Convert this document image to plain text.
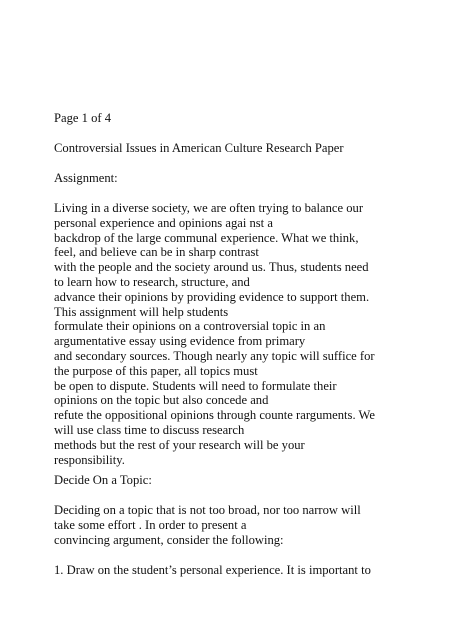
Page 1 of 4

Controversial Issues in American Culture Research Paper

Assignment:

Living in a diverse society, we are often trying to balance our
personal experience and opinions agai nst a
backdrop of the large communal experience. What we think,
feel, and believe can be in sharp contrast
with the people and the society around us. Thus, students need
to learn how to research, structure, and
advance their opinions by providing evidence to support them.
This assignment will help students
formulate their opinions on a controversial topic in an
argumentative essay using evidence from primary
and secondary sources. Though nearly any topic will suffice for
the purpose of this paper, all topics must
be open to dispute. Students will need to formulate their
opinions on the topic but also concede and
refute the oppositional opinions through counte rarguments. We
will use class time to discuss research
methods but the rest of your research will be your
responsibility.

Decide On a Topic:

Deciding on a topic that is not too broad, nor too narrow will
take some effort . In order to present a
convincing argument, consider the following:

1. Draw on the student’s personal experience. It is important to
